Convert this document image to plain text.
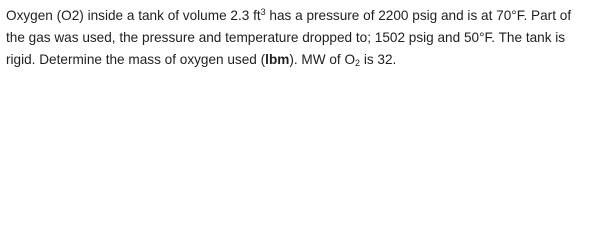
Oxygen (O2) inside a tank of volume 2.3 $ft^3$ has a pressure of 2200 psig and is at 70°F. Part of
the gas was used, the pressure and temperature dropped to; 1502 psig and 50°F. The tank is
rigid. Determine the mass of oxygen used (lbm). MW of $O_2$ is 32.
